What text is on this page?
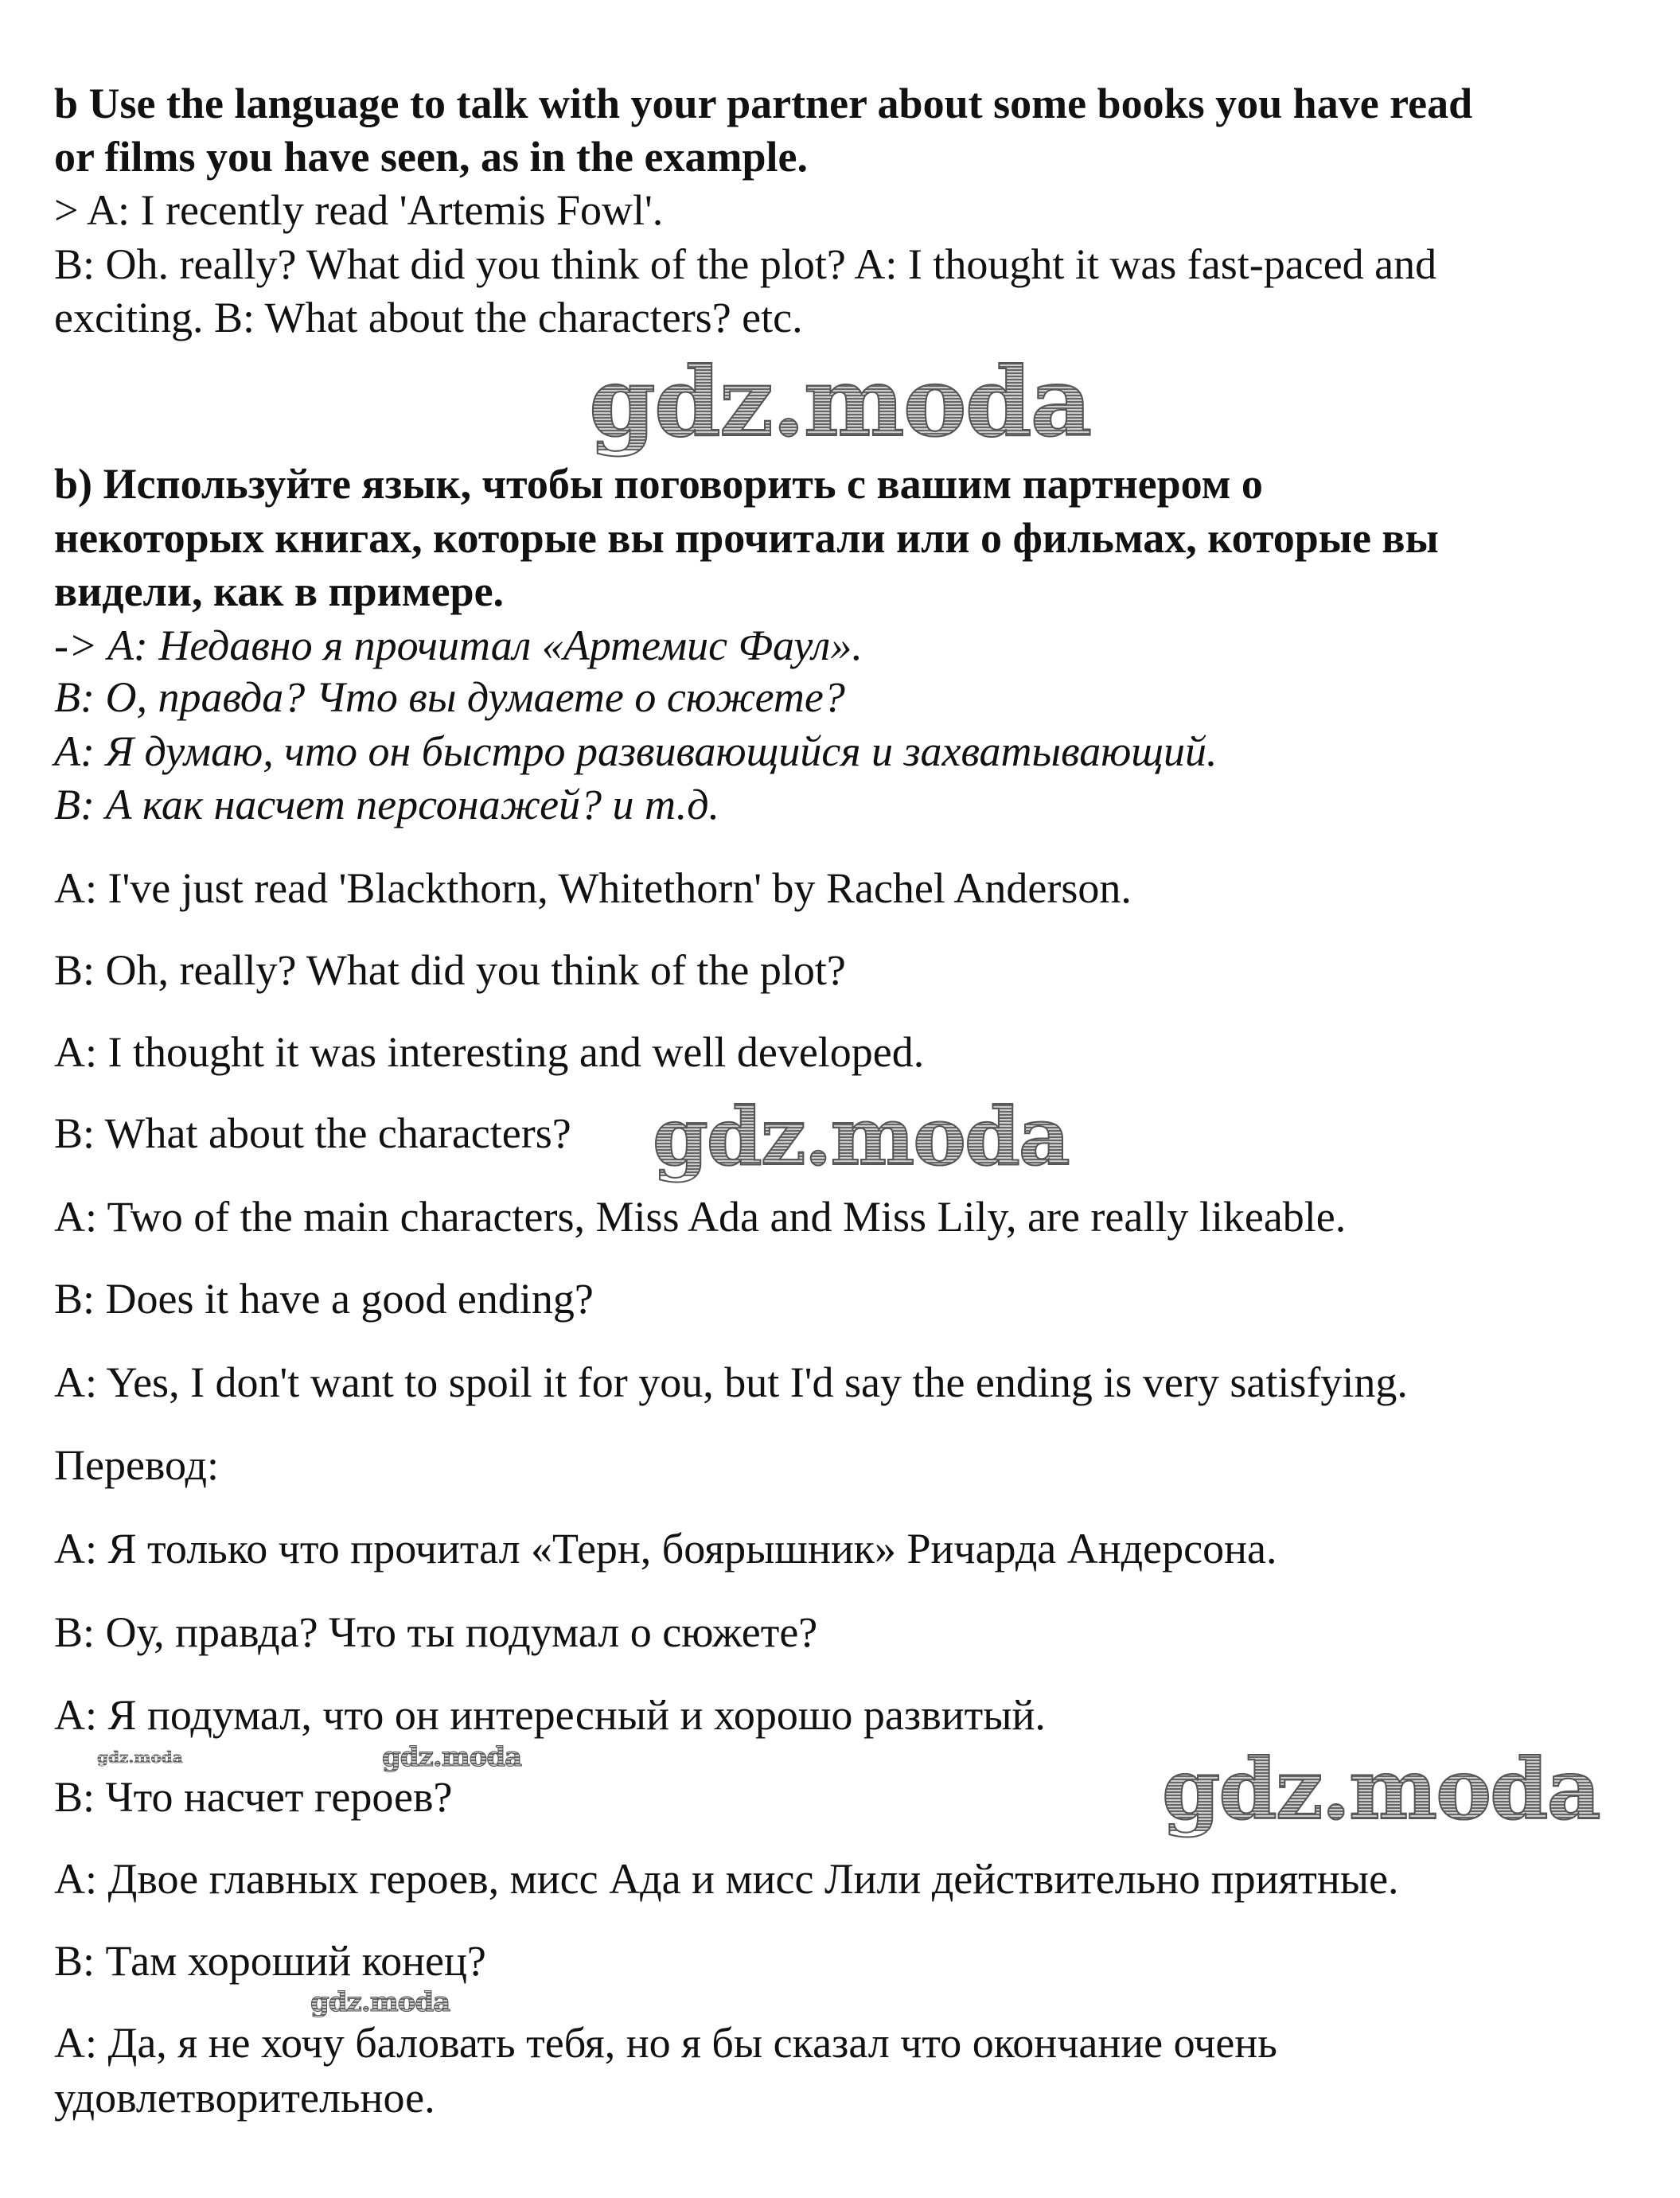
b Use the language to talk with your partner about some books you have read
or films you have seen, as in the example.
> A: I recently read 'Artemis Fowl'.
B: Oh. really? What did you think of the plot? A: I thought it was fast-paced and
exciting. B: What about the characters? etc.
gdz.moda
b) Используйте язык, чтобы поговорить с вашим партнером о
некоторых книгах, которые вы прочитали или о фильмах, которые вы
видели, как в примере.
-> A: Недавно я прочитал «Артемис Фаул».
B: О, правда? Что вы думаете о сюжете?
A: Я думаю, что он быстро развивающийся и захватывающий.
B: А как насчет персонажей? и т.д.
A: I've just read 'Blackthorn, Whitethorn' by Rachel Anderson.
B: Oh, really? What did you think of the plot?
A: I thought it was interesting and well developed.
B: What about the characters? gdz.moda
A: Two of the main characters, Miss Ada and Miss Lily, are really likeable.
B: Does it have a good ending?
A: Yes, I don't want to spoil it for you, but I'd say the ending is very satisfying.
Перевод:
A: Я только что прочитал «Терн, боярышник» Ричарда Андерсона.
B: Оу, правда? Что ты подумал о сюжете?
A: Я подумал, что он интересный и хорошо развитый.
gdz.moda	gdz.moda
B: Что насчет героев?	gdz.moda
A: Двое главных героев, мисс Ада и мисс Лили действительно приятные.
B: Там хороший конец?
gdz.moda
A: Да, я не хочу баловать тебя, но я бы сказал что окончание очень
удовлетворительное.
